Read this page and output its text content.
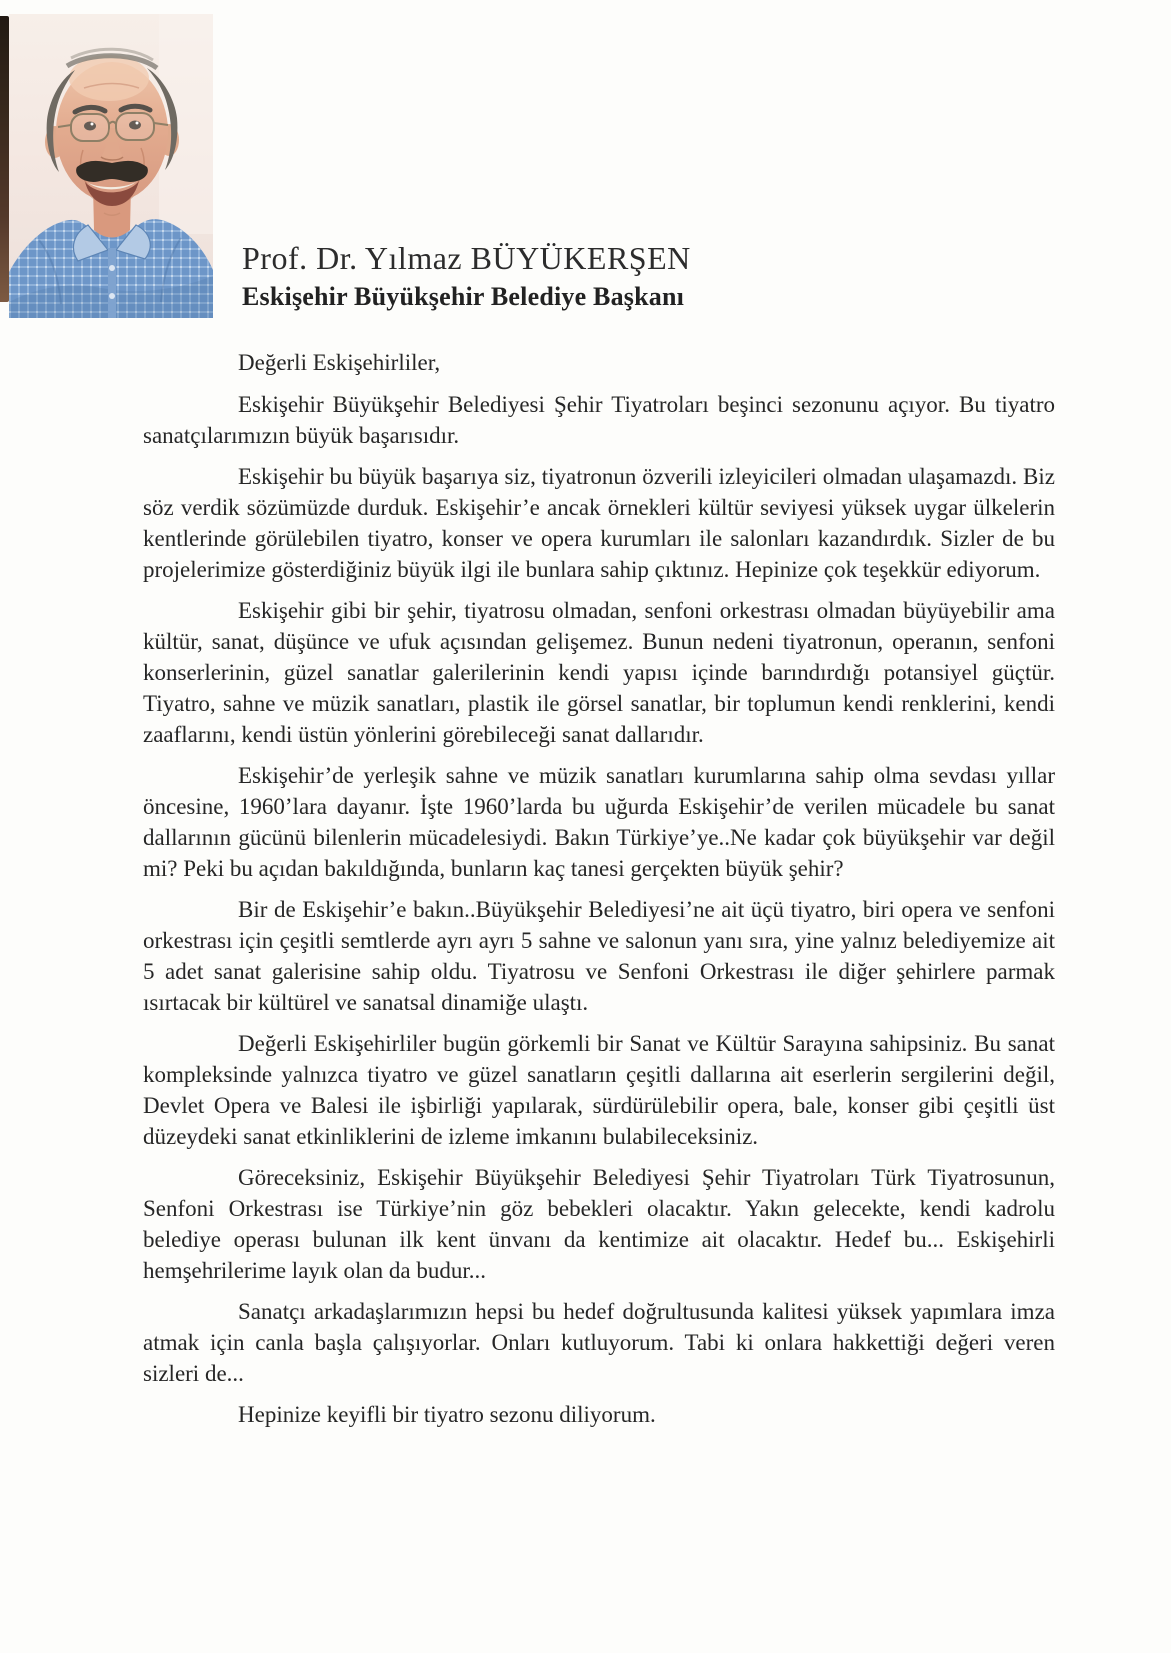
Prof. Dr. Yılmaz BÜYÜKERŞEN
Eskişehir Büyükşehir Belediye Başkanı

Değerli Eskişehirliler,

Eskişehir Büyükşehir Belediyesi Şehir Tiyatroları beşinci sezonunu açıyor. Bu tiyatro sanatçılarımızın büyük başarısıdır.

Eskişehir bu büyük başarıya siz, tiyatronun özverili izleyicileri olmadan ulaşamazdı. Biz söz verdik sözümüzde durduk. Eskişehir’e ancak örnekleri kültür seviyesi yüksek uygar ülkelerin kentlerinde görülebilen tiyatro, konser ve opera kurumları ile salonları kazandırdık. Sizler de bu projelerimize gösterdiğiniz büyük ilgi ile bunlara sahip çıktınız. Hepinize çok teşekkür ediyorum.

Eskişehir gibi bir şehir, tiyatrosu olmadan, senfoni orkestrası olmadan büyüyebilir ama kültür, sanat, düşünce ve ufuk açısından gelişemez. Bunun nedeni tiyatronun, operanın, senfoni konserlerinin, güzel sanatlar galerilerinin kendi yapısı içinde barındırdığı potansiyel güçtür. Tiyatro, sahne ve müzik sanatları, plastik ile görsel sanatlar, bir toplumun kendi renklerini, kendi zaaflarını, kendi üstün yönlerini görebileceği sanat dallarıdır.

Eskişehir’de yerleşik sahne ve müzik sanatları kurumlarına sahip olma sevdası yıllar öncesine, 1960’lara dayanır. İşte 1960’larda bu uğurda Eskişehir’de verilen mücadele bu sanat dallarının gücünü bilenlerin mücadelesiydi. Bakın Türkiye’ye..Ne kadar çok büyükşehir var değil mi? Peki bu açıdan bakıldığında, bunların kaç tanesi gerçekten büyük şehir?

Bir de Eskişehir’e bakın..Büyükşehir Belediyesi’ne ait üçü tiyatro, biri opera ve senfoni orkestrası için çeşitli semtlerde ayrı ayrı 5 sahne ve salonun yanı sıra, yine yalnız belediyemize ait 5 adet sanat galerisine sahip oldu. Tiyatrosu ve Senfoni Orkestrası ile diğer şehirlere parmak ısırtacak bir kültürel ve sanatsal dinamiğe ulaştı.

Değerli Eskişehirliler bugün görkemli bir Sanat ve Kültür Sarayına sahipsiniz. Bu sanat kompleksinde yalnızca tiyatro ve güzel sanatların çeşitli dallarına ait eserlerin sergilerini değil, Devlet Opera ve Balesi ile işbirliği yapılarak, sürdürülebilir opera, bale, konser gibi çeşitli üst düzeydeki sanat etkinliklerini de izleme imkanını bulabileceksiniz.

Göreceksiniz, Eskişehir Büyükşehir Belediyesi Şehir Tiyatroları Türk Tiyatrosunun, Senfoni Orkestrası ise Türkiye’nin göz bebekleri olacaktır. Yakın gelecekte, kendi kadrolu belediye operası bulunan ilk kent ünvanı da kentimize ait olacaktır. Hedef bu... Eskişehirli hemşehrilerime layık olan da budur...

Sanatçı arkadaşlarımızın hepsi bu hedef doğrultusunda kalitesi yüksek yapımlara imza atmak için canla başla çalışıyorlar. Onları kutluyorum. Tabi ki onlara hakkettiği değeri veren sizleri de...

Hepinize keyifli bir tiyatro sezonu diliyorum.
